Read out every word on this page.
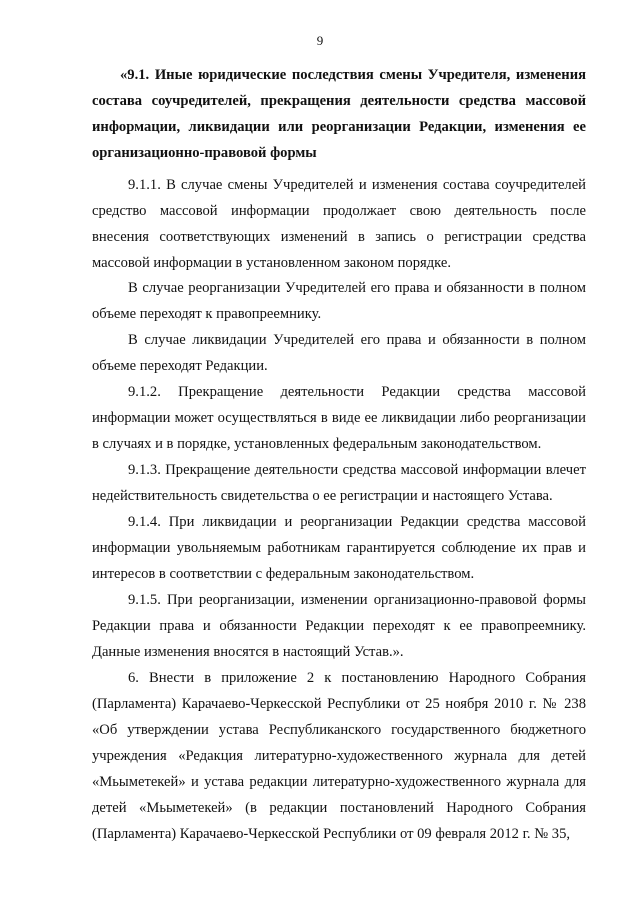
9

«9.1. Иные юридические последствия смены Учредителя, изменения состава соучредителей, прекращения деятельности средства массовой информации, ликвидации или реорганизации Редакции, изменения ее организационно-правовой формы

9.1.1. В случае смены Учредителей и изменения состава соучредителей средство массовой информации продолжает свою деятельность после внесения соответствующих изменений в запись о регистрации средства массовой информации в установленном законом порядке.

В случае реорганизации Учредителей его права и обязанности в полном объеме переходят к правопреемнику.

В случае ликвидации Учредителей его права и обязанности в полном объеме переходят Редакции.

9.1.2. Прекращение деятельности Редакции средства массовой информации может осуществляться в виде ее ликвидации либо реорганизации в случаях и в порядке, установленных федеральным законодательством.

9.1.3. Прекращение деятельности средства массовой информации влечет недействительность свидетельства о ее регистрации и настоящего Устава.

9.1.4. При ликвидации и реорганизации Редакции средства массовой информации увольняемым работникам гарантируется соблюдение их прав и интересов в соответствии с федеральным законодательством.

9.1.5. При реорганизации, изменении организационно-правовой формы Редакции права и обязанности Редакции переходят к ее правопреемнику. Данные изменения вносятся в настоящий Устав.».

6. Внести в приложение 2 к постановлению Народного Собрания (Парламента) Карачаево-Черкесской Республики от 25 ноября 2010 г. № 238 «Об утверждении устава Республиканского государственного бюджетного учреждения «Редакция литературно-художественного журнала для детей «Мьыметекей» и устава редакции литературно-художественного журнала для детей «Мьыметекей» (в редакции постановлений Народного Собрания (Парламента) Карачаево-Черкесской Республики от 09 февраля 2012 г. № 35,
